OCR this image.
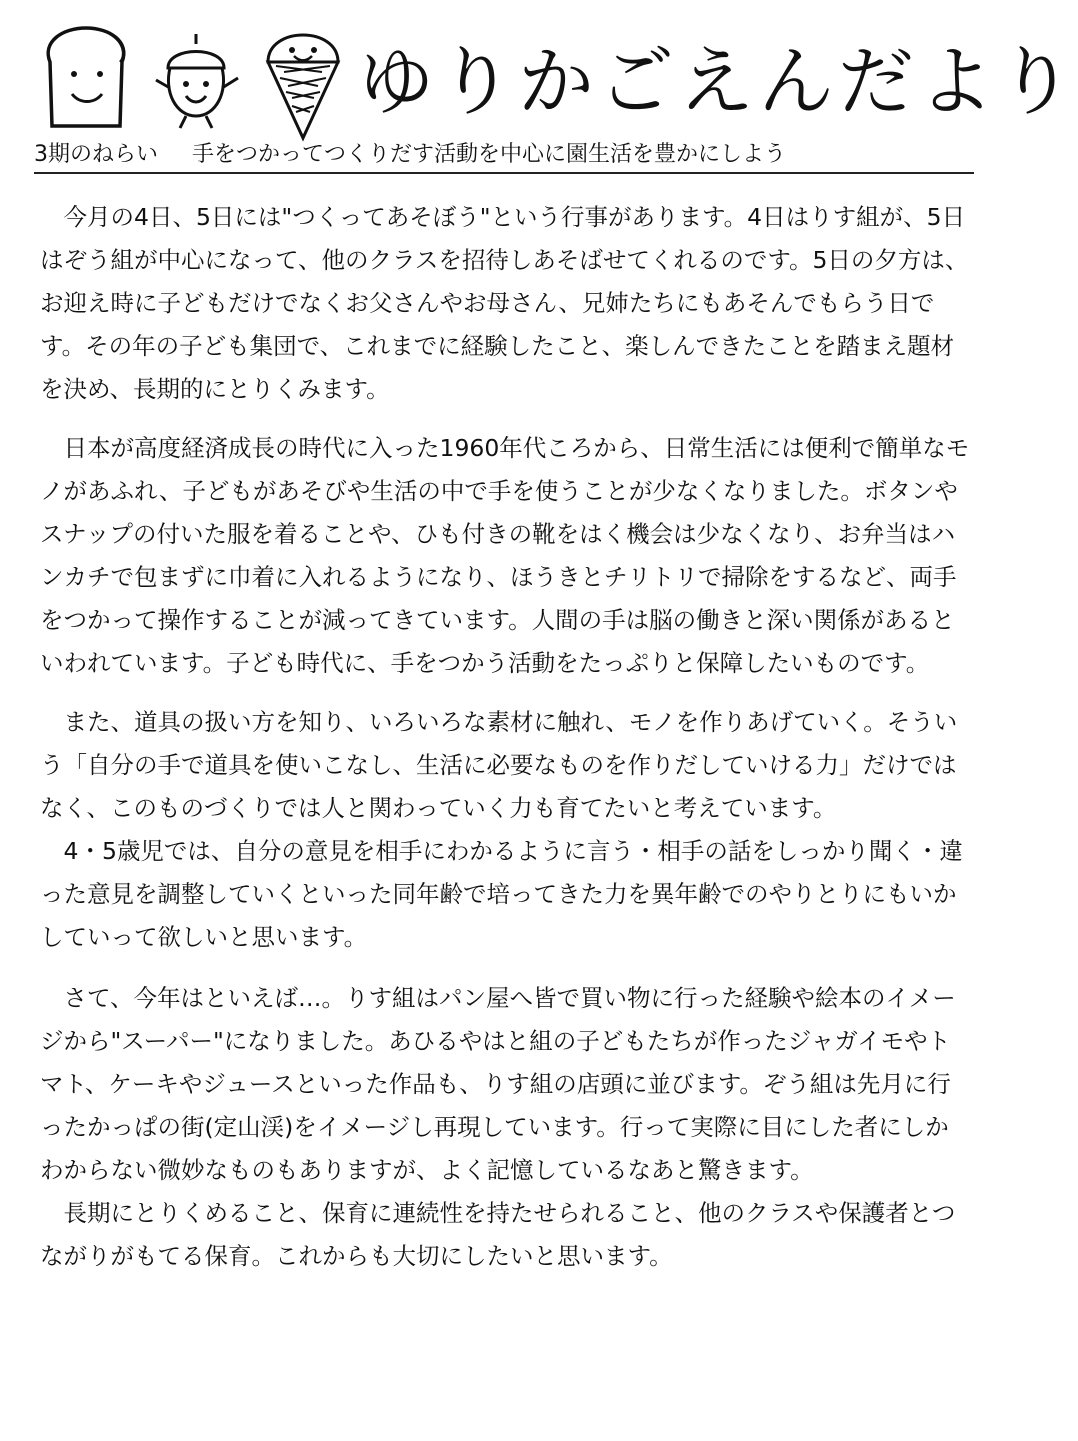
ゆりかごえんだより
3期のねらい 手をつかってつくりだす活動を中心に園生活を豊かにしよう

今月の4日、5日には"つくってあそぼう"という行事があります。4日はりす組が、5日はぞう組が中心になって、他のクラスを招待しあそばせてくれるのです。5日の夕方は、お迎え時に子どもだけでなくお父さんやお母さん、兄姉たちにもあそんでもらう日です。その年の子ども集団で、これまでに経験したこと、楽しんできたことを踏まえ題材を決め、長期的にとりくみます。

日本が高度経済成長の時代に入った1960年代ころから、日常生活には便利で簡単なモノがあふれ、子どもがあそびや生活の中で手を使うことが少なくなりました。ボタンやスナップの付いた服を着ることや、ひも付きの靴をはく機会は少なくなり、お弁当はハンカチで包まずに巾着に入れるようになり、ほうきとチリトリで掃除をするなど、両手をつかって操作することが減ってきています。人間の手は脳の働きと深い関係があるといわれています。子ども時代に、手をつかう活動をたっぷりと保障したいものです。

また、道具の扱い方を知り、いろいろな素材に触れ、モノを作りあげていく。そういう「自分の手で道具を使いこなし、生活に必要なものを作りだしていける力」だけではなく、このものづくりでは人と関わっていく力も育てたいと考えています。

4・5歳児では、自分の意見を相手にわかるように言う・相手の話をしっかり聞く・違った意見を調整していくといった同年齢で培ってきた力を異年齢でのやりとりにもいかしていって欲しいと思います。

さて、今年はといえば…。りす組はパン屋へ皆で買い物に行った経験や絵本のイメージから"スーパー"になりました。あひるやはと組の子どもたちが作ったジャガイモやトマト、ケーキやジュースといった作品も、りす組の店頭に並びます。ぞう組は先月に行ったかっぱの街(定山渓)をイメージし再現しています。行って実際に目にした者にしかわからない微妙なものもありますが、よく記憶しているなあと驚きます。

長期にとりくめること、保育に連続性を持たせられること、他のクラスや保護者とつながりがもてる保育。これからも大切にしたいと思います。
